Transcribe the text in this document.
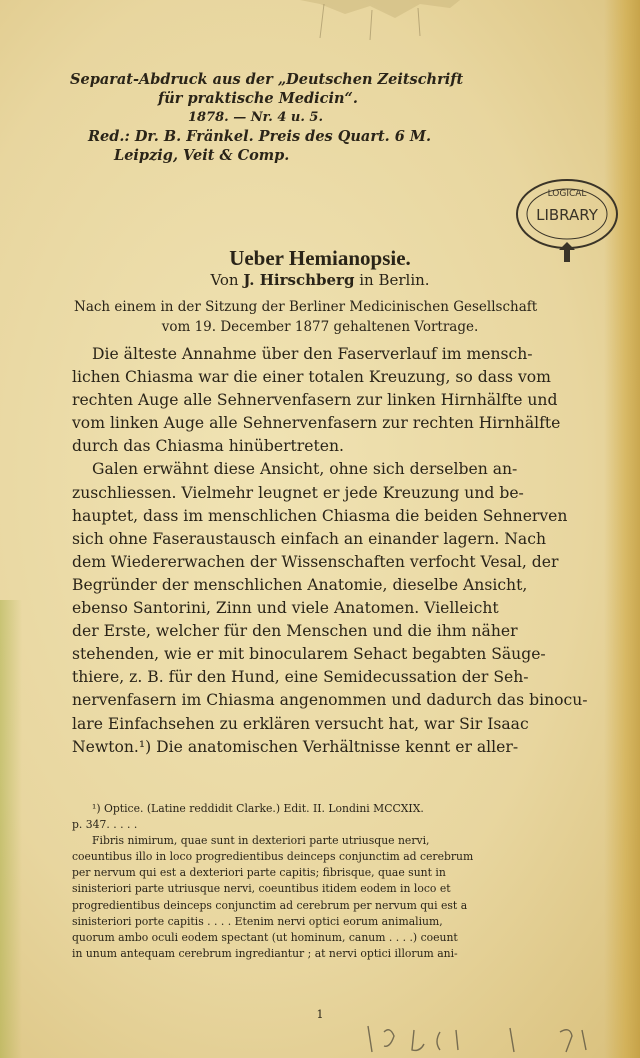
Separat-Abdruck aus der „Deutschen Zeitschrift
für praktische Medicin“.
1878. — Nr. 4 u. 5.
Red.: Dr. B. Fränkel. Preis des Quart. 6 M.
Leipzig, Veit & Comp.
LOGICAL
LIBRARY
Ueber Hemianopsie.
Von J. Hirschberg in Berlin.
Nach einem in der Sitzung der Berliner Medicinischen Gesellschaft
vom 19. December 1877 gehaltenen Vortrage.
Die älteste Annahme über den Faserverlauf im mensch-
lichen Chiasma war die einer totalen Kreuzung, so dass vom
rechten Auge alle Sehnervenfasern zur linken Hirnhälfte und
vom linken Auge alle Sehnervenfasern zur rechten Hirnhälfte
durch das Chiasma hinübertreten.
Galen erwähnt diese Ansicht, ohne sich derselben an-
zuschliessen. Vielmehr leugnet er jede Kreuzung und be-
hauptet, dass im menschlichen Chiasma die beiden Sehnerven
sich ohne Faseraustausch einfach an einander lagern. Nach
dem Wiedererwachen der Wissenschaften verfocht Vesal, der
Begründer der menschlichen Anatomie, dieselbe Ansicht,
ebenso Santorini, Zinn und viele Anatomen. Vielleicht
der Erste, welcher für den Menschen und die ihm näher
stehenden, wie er mit binocularem Sehact begabten Säuge-
thiere, z. B. für den Hund, eine Semidecussation der Seh-
nervenfasern im Chiasma angenommen und dadurch das binocu-
lare Einfachsehen zu erklären versucht hat, war Sir Isaac
Newton.¹) Die anatomischen Verhältnisse kennt er aller-
¹) Optice. (Latine reddidit Clarke.) Edit. II. Londini MCCXIX.
p. 347. . . . .
Fibris nimirum, quae sunt in dexteriori parte utriusque nervi,
coeuntibus illo in loco progredientibus deinceps conjunctim ad cerebrum
per nervum qui est a dexteriori parte capitis; fibrisque, quae sunt in
sinisteriori parte utriusque nervi, coeuntibus itidem eodem in loco et
progredientibus deinceps conjunctim ad cerebrum per nervum qui est a
sinisteriori porte capitis . . . . Etenim nervi optici eorum animalium,
quorum ambo oculi eodem spectant (ut hominum, canum . . . .) coeunt
in unum antequam cerebrum ingrediantur ; at nervi optici illorum ani-
1
